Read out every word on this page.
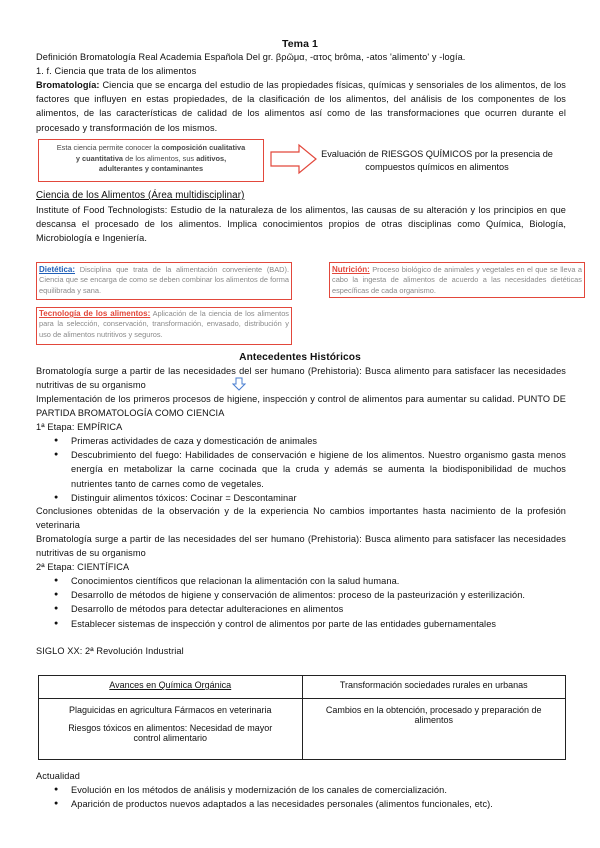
Tema 1
Definición Bromatología Real Academia Española Del gr. βρῶμα, -ατος brôma, -atos 'alimento' y -logía.
1. f. Ciencia que trata de los alimentos
Bromatología: Ciencia que se encarga del estudio de las propiedades físicas, químicas y sensoriales de los alimentos, de los factores que influyen en estas propiedades, de la clasificación de los alimentos, del análisis de los componentes de los alimentos, de las características de calidad de los alimentos así como de las transformaciones que ocurren durante el procesado y transformación de los mismos.
Esta ciencia permite conocer la composición cualitativa
y cuantitativa de los alimentos, sus aditivos,
adulterantes y contaminantes
Evaluación de RIESGOS QUÍMICOS por la presencia de compuestos químicos en alimentos
Ciencia de los Alimentos (Área multidisciplinar)
Institute of Food Technologists: Estudio de la naturaleza de los alimentos, las causas de su alteración y los principios en que descansa el procesado de los alimentos. Implica conocimientos propios de otras disciplinas como Química, Biología, Microbiología e Ingeniería.
Dietética: Disciplina que trata de la alimentación conveniente (BAD). Ciencia que se encarga de como se deben combinar los alimentos de forma equilibrada y sana.
Nutrición: Proceso biológico de animales y vegetales en el que se lleva a cabo la ingesta de alimentos de acuerdo a las necesidades dietéticas específicas de cada organismo.
Tecnología de los alimentos: Aplicación de la ciencia de los alimentos para la selección, conservación, transformación, envasado, distribución y uso de alimentos nutritivos y seguros.
Antecedentes Históricos
Bromatología surge a partir de las necesidades del ser humano (Prehistoria): Busca alimento para satisfacer las necesidades nutritivas de su organismo
Implementación de los primeros procesos de higiene, inspección y control de alimentos para aumentar su calidad. PUNTO DE PARTIDA BROMATOLOGÍA COMO CIENCIA
1ª Etapa: EMPÍRICA
● Primeras actividades de caza y domesticación de animales
● Descubrimiento del fuego: Habilidades de conservación e higiene de los alimentos. Nuestro organismo gasta menos energía en metabolizar la carne cocinada que la cruda y además se aumenta la biodisponibilidad de muchos nutrientes tanto de carnes como de vegetales.
● Distinguir alimentos tóxicos: Cocinar = Descontaminar
Conclusiones obtenidas de la observación y de la experiencia No cambios importantes hasta nacimiento de la profesión veterinaria
Bromatología surge a partir de las necesidades del ser humano (Prehistoria): Busca alimento para satisfacer las necesidades nutritivas de su organismo
2ª Etapa: CIENTÍFICA
● Conocimientos científicos que relacionan la alimentación con la salud humana.
● Desarrollo de métodos de higiene y conservación de alimentos: proceso de la pasteurización y esterilización.
● Desarrollo de métodos para detectar adulteraciones en alimentos
● Establecer sistemas de inspección y control de alimentos por parte de las entidades gubernamentales
SIGLO XX: 2ª Revolución Industrial
Avances en Química Orgánica	Transformación sociedades rurales en urbanas

Plaguicidas en agricultura Fármacos en veterinaria
Riesgos tóxicos en alimentos: Necesidad de mayor control alimentario	Cambios en la obtención, procesado y preparación de alimentos
Actualidad
● Evolución en los métodos de análisis y modernización de los canales de comercialización.
● Aparición de productos nuevos adaptados a las necesidades personales (alimentos funcionales, etc).
